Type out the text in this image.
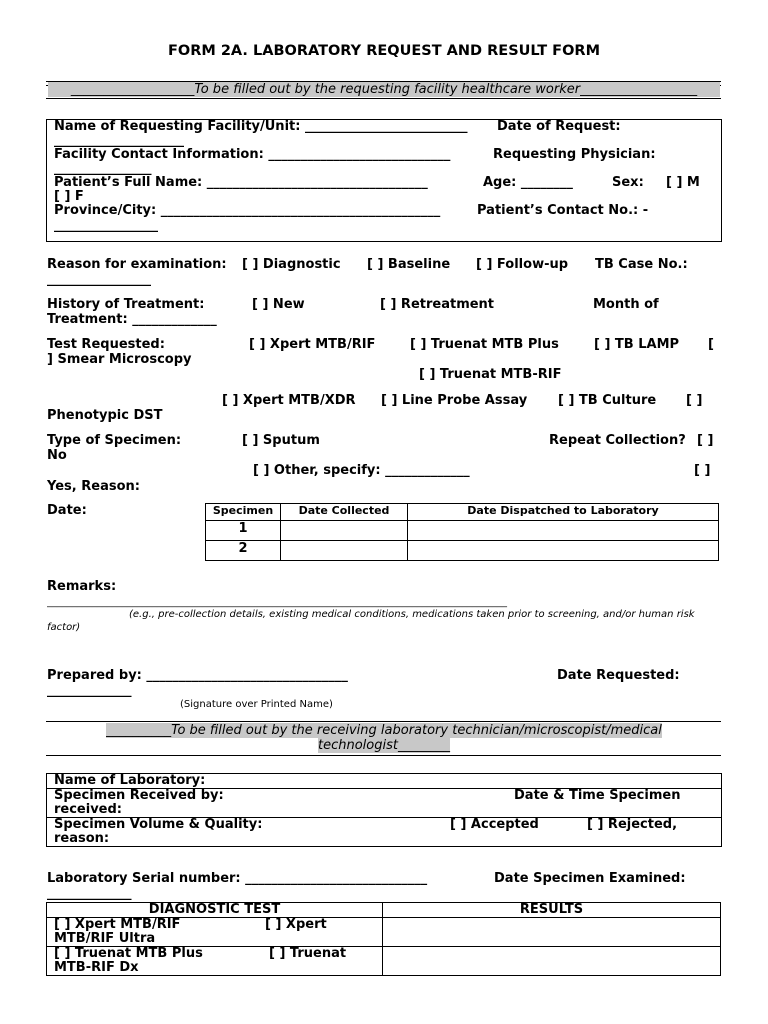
FORM 2A. LABORATORY REQUEST AND RESULT FORM
___________________To be filled out by the requesting facility healthcare worker__________________
Name of Requesting Facility/Unit: _________________________ Date of Request:
____________________
Facility Contact Information: ____________________________	Requesting Physician:
_______________
Patient’s Full Name: __________________________________	Age: ________	Sex: [ ] M
[ ] F
Province/City: ___________________________________________	Patient’s Contact No.: -
________________
Reason for examination: [ ] Diagnostic [ ] Baseline [ ] Follow-up TB Case No.:
________________
History of Treatment:	[ ] New	[ ] Retreatment	Month of
Treatment: _____________
Test Requested:	[ ] Xpert MTB/RIF	[ ] Truenat MTB Plus	[ ] TB LAMP [
] Smear Microscopy
[ ] Truenat MTB-RIF
[ ] Xpert MTB/XDR [ ] Line Probe Assay [ ] TB Culture [ ]
Phenotypic DST
Type of Specimen:	[ ] Sputum	Repeat Collection? [ ]
No
[ ] Other, specify: _____________	[ ]
Yes, Reason:
Date:	Specimen	Date Collected	Date Dispatched to Laboratory
1		
2		
Remarks:
____________________________________________________________________________________________
(e.g., pre-collection details, existing medical conditions, medications taken prior to screening, and/or human risk
factor)
Prepared by: _______________________________	Date Requested:
_____________
(Signature over Printed Name)
__________To be filled out by the receiving laboratory technician/microscopist/medical
technologist________
Name of Laboratory:
Specimen Received by:	Date & Time Specimen
received:
Specimen Volume & Quality:	[ ] Accepted	[ ] Rejected,
reason:
Laboratory Serial number: ____________________________	Date Specimen Examined:
_____________
DIAGNOSTIC TEST	RESULTS
[ ] Xpert MTB/RIF [ ] Xpert

MTB/RIF Ultra	
[ ] Truenat MTB Plus [ ] Truenat

MTB-RIF Dx	
